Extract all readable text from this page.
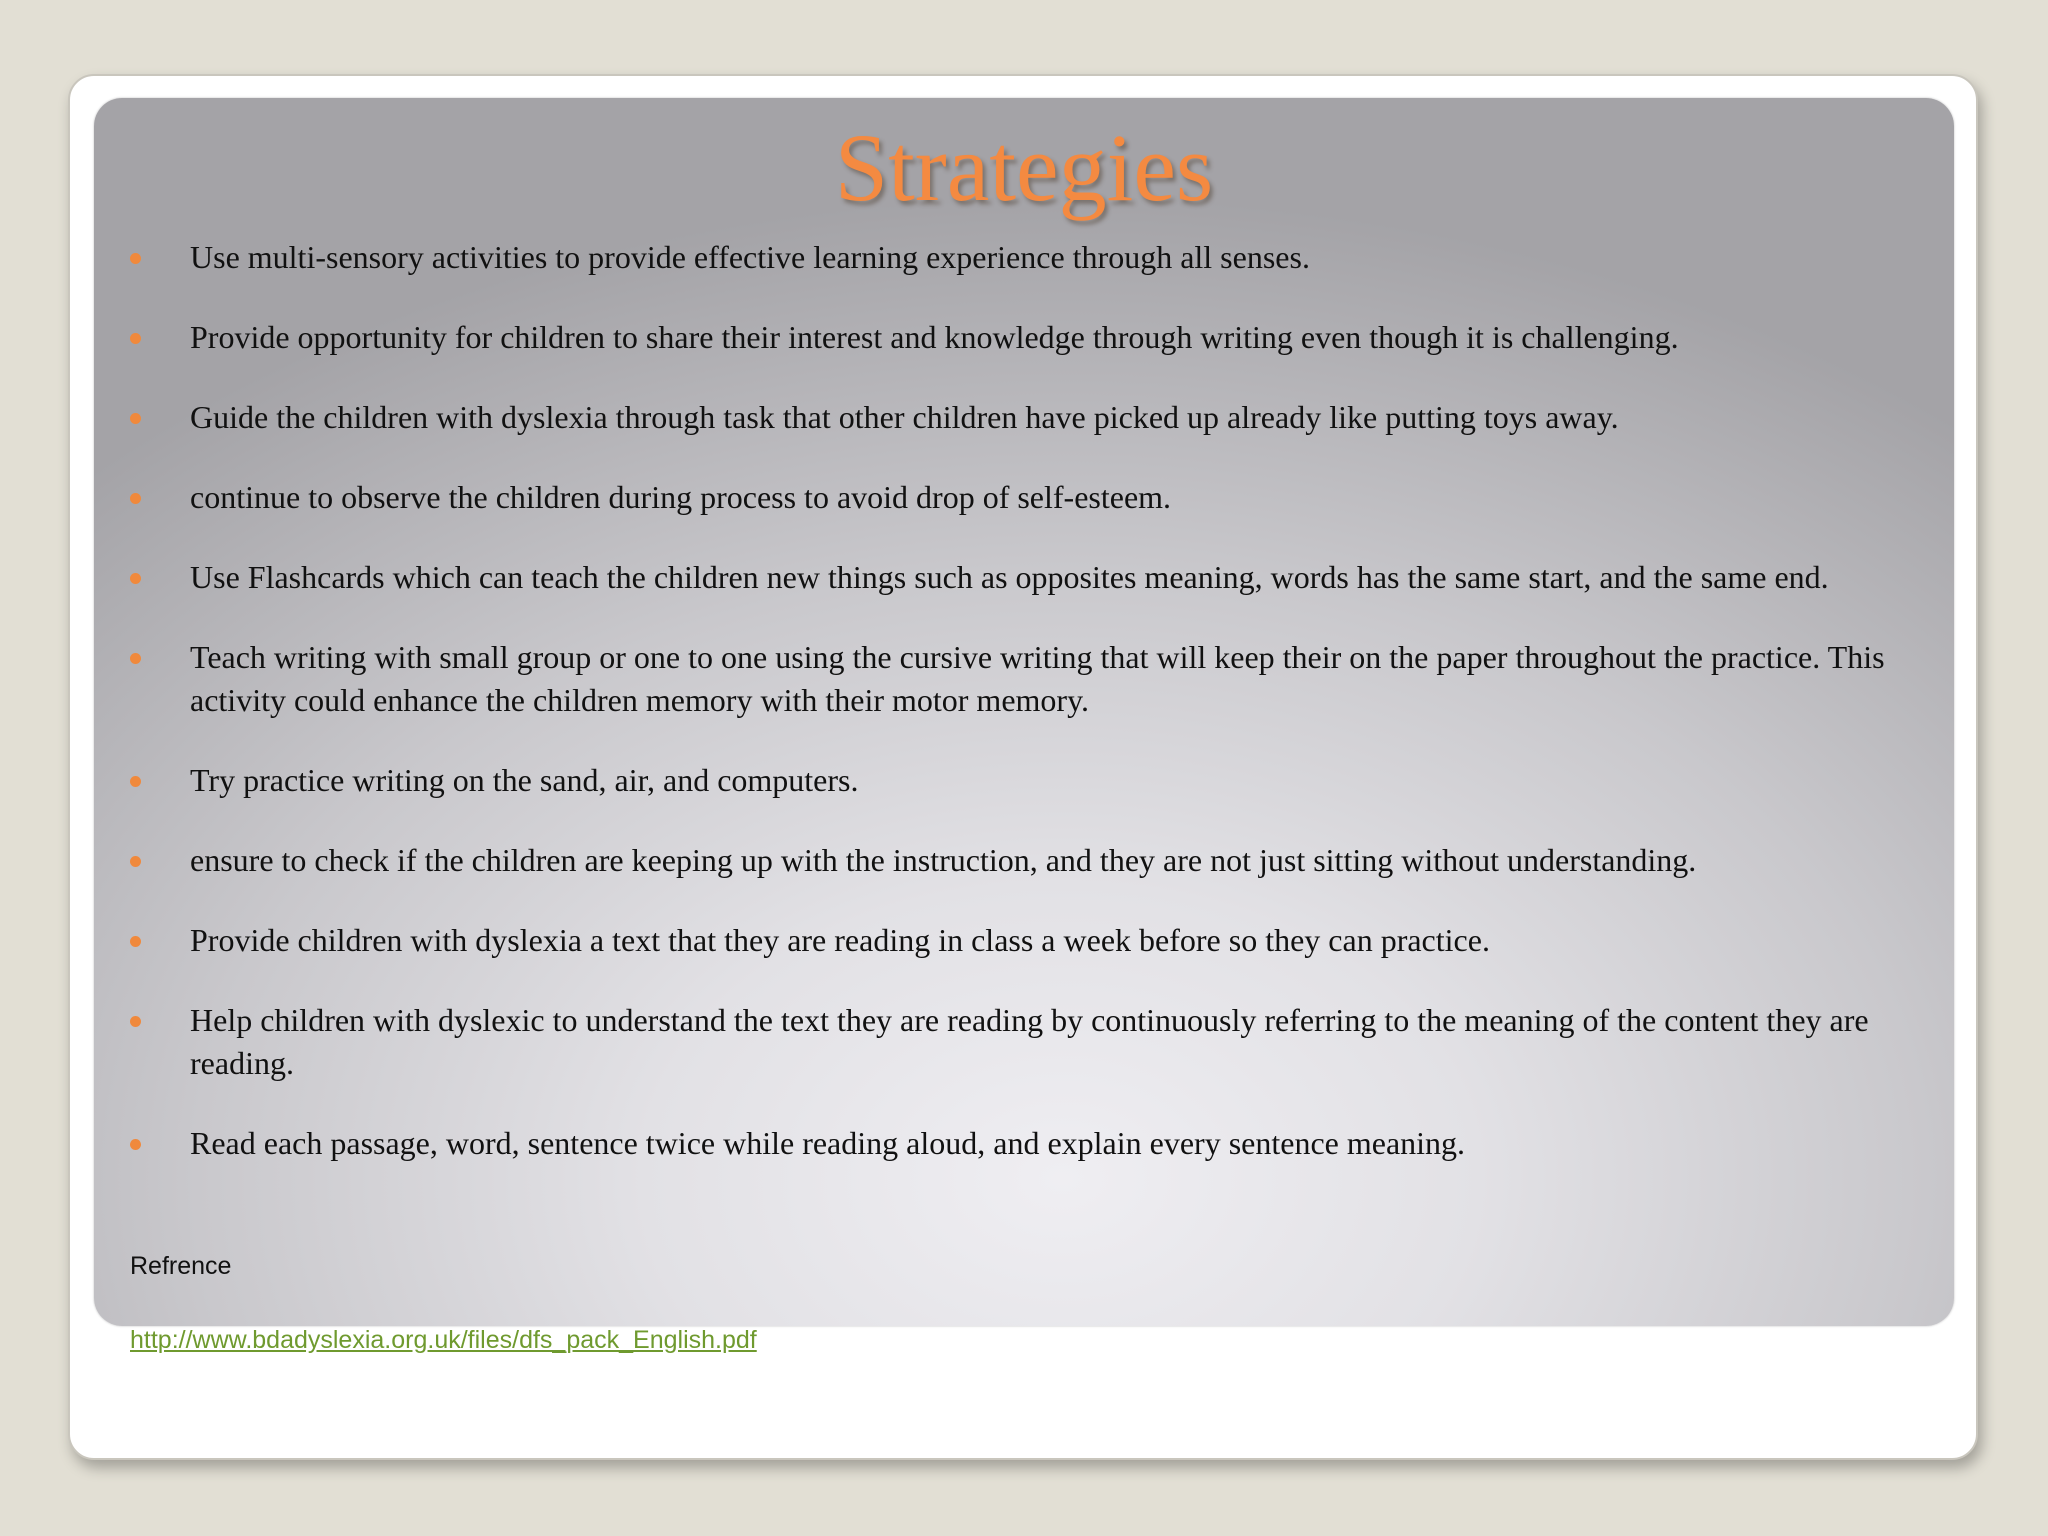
Strategies
Use multi-sensory activities to provide effective learning experience through all senses.
Provide opportunity for children to share their interest and knowledge through writing even though it is challenging.
Guide the children with dyslexia through task that other children have picked up already like putting toys away.
continue to observe the children during process to avoid drop of self-esteem.
Use Flashcards which can teach the children new things such as opposites meaning, words has the same start, and the same end.
Teach writing with small group or one to one using the cursive writing that will keep their on the paper throughout the practice. This activity could enhance the children memory with their motor memory.
Try practice writing on the sand, air, and computers.
ensure to check if the children are keeping up with the instruction, and they are not just sitting without understanding.
Provide children with dyslexia a text that they are reading in class a week before so they can practice.
Help children with dyslexic to understand the text they are reading by continuously referring to the meaning of the content they are reading.
Read each passage, word, sentence twice while reading aloud, and explain every sentence meaning.
Refrence
http://www.bdadyslexia.org.uk/files/dfs_pack_English.pdf
